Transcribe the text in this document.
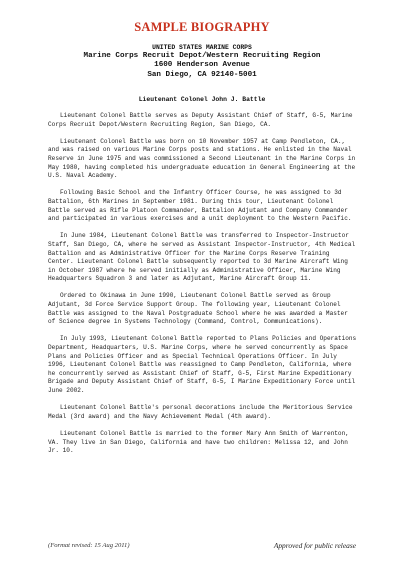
SAMPLE BIOGRAPHY
UNITED STATES MARINE CORPS
Marine Corps Recruit Depot/Western Recruiting Region
1600 Henderson Avenue
San Diego, CA 92140-5001
Lieutenant Colonel John J. Battle

Lieutenant Colonel Battle serves as Deputy Assistant Chief of Staff, G-5, Marine Corps Recruit Depot/Western Recruiting Region, San Diego, CA.

Lieutenant Colonel Battle was born on 10 November 1957 at Camp Pendleton, CA., and was raised on various Marine Corps posts and stations. He enlisted in the Naval Reserve in June 1975 and was commissioned a Second Lieutenant in the Marine Corps in May 1980, having completed his undergraduate education in General Engineering at the U.S. Naval Academy.

Following Basic School and the Infantry Officer Course, he was assigned to 3d Battalion, 6th Marines in September 1981. During this tour, Lieutenant Colonel Battle served as Rifle Platoon Commander, Battalion Adjutant and Company Commander and participated in various exercises and a unit deployment to the Western Pacific.

In June 1984, Lieutenant Colonel Battle was transferred to Inspector-Instructor Staff, San Diego, CA, where he served as Assistant Inspector-Instructor, 4th Medical Battalion and as Administrative Officer for the Marine Corps Reserve Training Center. Lieutenant Colonel Battle subsequently reported to 3d Marine Aircraft Wing in October 1987 where he served initially as Administrative Officer, Marine Wing Headquarters Squadron 3 and later as Adjutant, Marine Aircraft Group 11.

Ordered to Okinawa in June 1990, Lieutenant Colonel Battle served as Group Adjutant, 3d Force Service Support Group. The following year, Lieutenant Colonel Battle was assigned to the Naval Postgraduate School where he was awarded a Master of Science degree in Systems Technology (Command, Control, Communications).

In July 1993, Lieutenant Colonel Battle reported to Plans Policies and Operations Department, Headquarters, U.S. Marine Corps, where he served concurrently as Space Plans and Policies Officer and as Special Technical Operations Officer. In July 1996, Lieutenant Colonel Battle was reassigned to Camp Pendleton, California, where he concurrently served as Assistant Chief of Staff, G-5, First Marine Expeditionary Brigade and Deputy Assistant Chief of Staff, G-5, I Marine Expeditionary Force until June 2002.

Lieutenant Colonel Battle's personal decorations include the Meritorious Service Medal (3rd award) and the Navy Achievement Medal (4th award).

Lieutenant Colonel Battle is married to the former Mary Ann Smith of Warrenton, VA. They live in San Diego, California and have two children: Melissa 12, and John Jr. 10.

(Format revised: 15 Aug 2011)	Approved for public release
